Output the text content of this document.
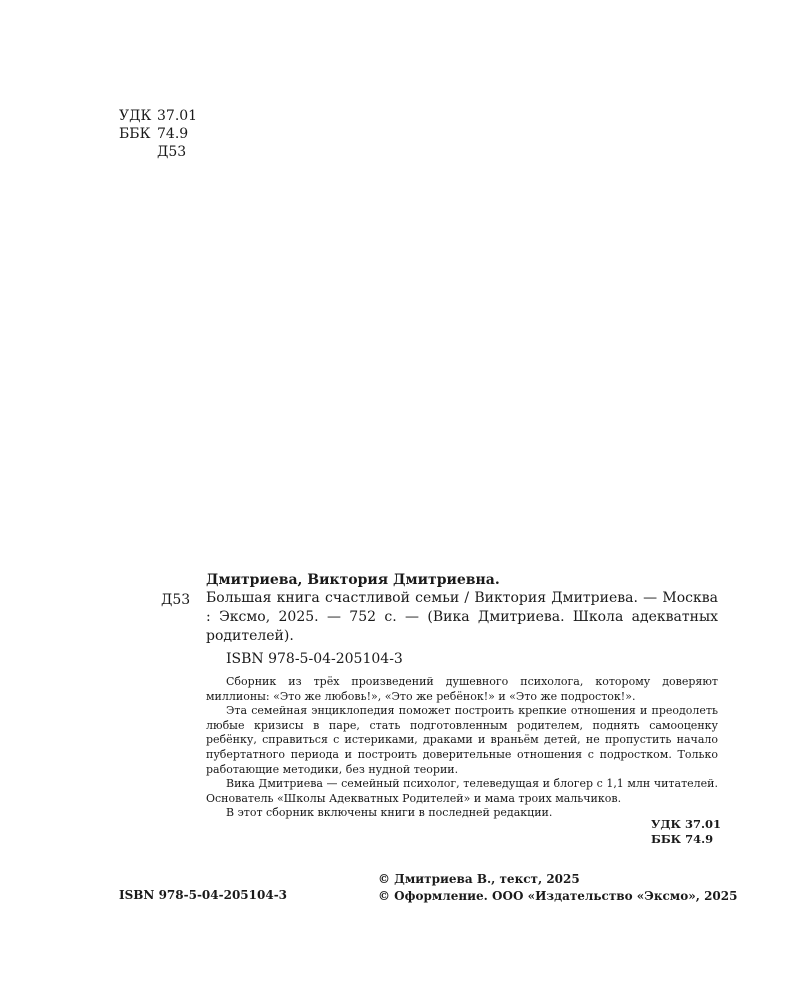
УДК 37.01
ББК 74.9
Д53
Дмитриева, Виктория Дмитриевна.
Д53 Большая книга счастливой семьи / Виктория Дмитриева. — Москва : Эксмо, 2025. — 752 с. — (Вика Дмитриева. Школа адекватных родителей).
ISBN 978-5-04-205104-3

Сборник из трёх произведений душевного психолога, которому доверяют миллионы: «Это же любовь!», «Это же ребёнок!» и «Это же подросток!».

Эта семейная энциклопедия поможет построить крепкие отношения и преодолеть любые кризисы в паре, стать подготовленным родителем, поднять самооценку ребёнку, справиться с истериками, драками и враньём детей, не пропустить начало пубертатного периода и построить доверительные отношения с подростком. Только работающие методики, без нудной теории.

Вика Дмитриева — семейный психолог, телеведущая и блогер с 1,1 млн читателей. Основатель «Школы Адекватных Родителей» и мама троих мальчиков.

В этот сборник включены книги в последней редакции.

УДК 37.01
ББК 74.9
ISBN 978-5-04-205104-3
© Дмитриева В., текст, 2025
© Оформление. ООО «Издательство «Эксмо», 2025
